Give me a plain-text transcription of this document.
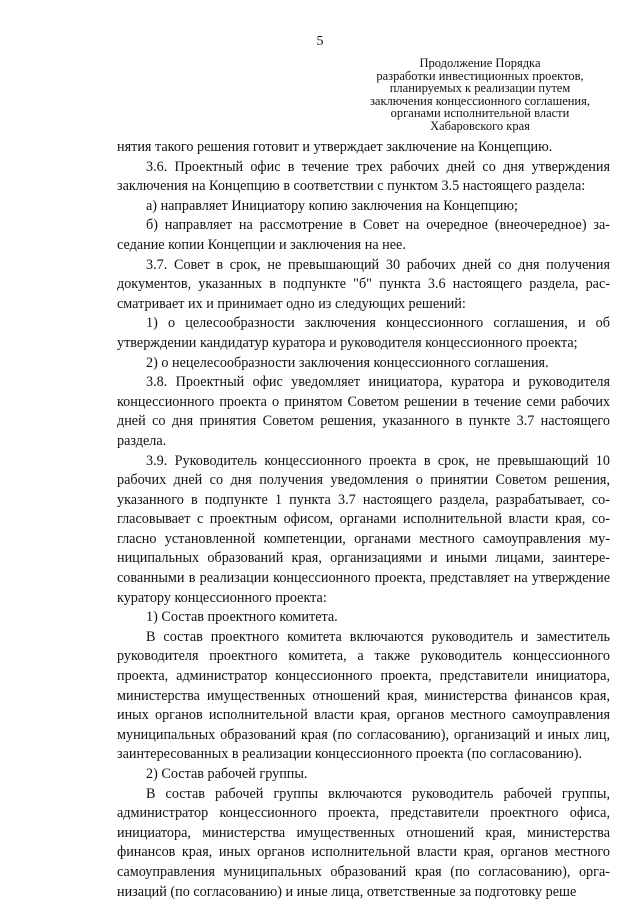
5
Продолжение Порядка
разработки инвестиционных проектов,
планируемых к реализации путем
заключения концессионного соглашения,
органами исполнительной власти
Хабаровского края

нятия такого решения готовит и утверждает заключение на Концепцию.

3.6. Проектный офис в течение трех рабочих дней со дня утверждения заключения на Концепцию в соответствии с пунктом 3.5 настоящего раздела:

а) направляет Инициатору копию заключения на Концепцию;

б) направляет на рассмотрение в Совет на очередное (внеочередное) заседание копии Концепции и заключения на нее.

3.7. Совет в срок, не превышающий 30 рабочих дней со дня получения документов, указанных в подпункте "б" пункта 3.6 настоящего раздела, рассматривает их и принимает одно из следующих решений:

1) о целесообразности заключения концессионного соглашения, и об утверждении кандидатур куратора и руководителя концессионного проекта;

2) о нецелесообразности заключения концессионного соглашения.

3.8. Проектный офис уведомляет инициатора, куратора и руководителя концессионного проекта о принятом Советом решении в течение семи рабочих дней со дня принятия Советом решения, указанного в пункте 3.7 настоящего раздела.

3.9. Руководитель концессионного проекта в срок, не превышающий 10 рабочих дней со дня получения уведомления о принятии Советом решения, указанного в подпункте 1 пункта 3.7 настоящего раздела, разрабатывает, согласовывает с проектным офисом, органами исполнительной власти края, согласно установленной компетенции, органами местного самоуправления муниципальных образований края, организациями и иными лицами, заинтересованными в реализации концессионного проекта, представляет на утверждение куратору концессионного проекта:

1) Состав проектного комитета.

В состав проектного комитета включаются руководитель и заместитель руководителя проектного комитета, а также руководитель концессионного проекта, администратор концессионного проекта, представители инициатора, министерства имущественных отношений края, министерства финансов края, иных органов исполнительной власти края, органов местного самоуправления муниципальных образований края (по согласованию), организаций и иных лиц, заинтересованных в реализации концессионного проекта (по согласованию).

2) Состав рабочей группы.

В состав рабочей группы включаются руководитель рабочей группы, администратор концессионного проекта, представители проектного офиса, инициатора, министерства имущественных отношений края, министерства финансов края, иных органов исполнительной власти края, органов местного самоуправления муниципальных образований края (по согласованию), организаций (по согласованию) и иные лица, ответственные за подготовку реше
